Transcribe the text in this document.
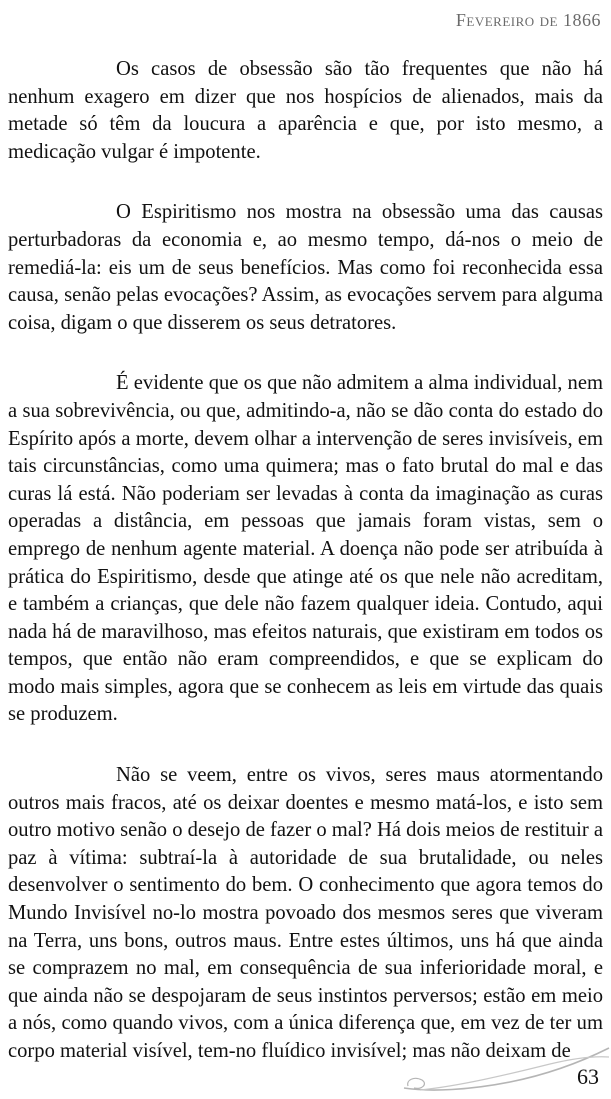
Fevereiro de 1866

Os casos de obsessão são tão frequentes que não há nenhum exagero em dizer que nos hospícios de alienados, mais da metade só têm da loucura a aparência e que, por isto mesmo, a medicação vulgar é impotente.

O Espiritismo nos mostra na obsessão uma das causas perturbadoras da economia e, ao mesmo tempo, dá-nos o meio de remediá-la: eis um de seus benefícios. Mas como foi reconhecida essa causa, senão pelas evocações? Assim, as evocações servem para alguma coisa, digam o que disserem os seus detratores.

É evidente que os que não admitem a alma individual, nem a sua sobrevivência, ou que, admitindo-a, não se dão conta do estado do Espírito após a morte, devem olhar a intervenção de seres invisíveis, em tais circunstâncias, como uma quimera; mas o fato brutal do mal e das curas lá está. Não poderiam ser levadas à conta da imaginação as curas operadas a distância, em pessoas que jamais foram vistas, sem o emprego de nenhum agente material. A doença não pode ser atribuída à prática do Espiritismo, desde que atinge até os que nele não acreditam, e também a crianças, que dele não fazem qualquer ideia. Contudo, aqui nada há de maravilhoso, mas efeitos naturais, que existiram em todos os tempos, que então não eram compreendidos, e que se explicam do modo mais simples, agora que se conhecem as leis em virtude das quais se produzem.

Não se veem, entre os vivos, seres maus atormentando outros mais fracos, até os deixar doentes e mesmo matá-los, e isto sem outro motivo senão o desejo de fazer o mal? Há dois meios de restituir a paz à vítima: subtraí-la à autoridade de sua brutalidade, ou neles desenvolver o sentimento do bem. O conhecimento que agora temos do Mundo Invisível no-lo mostra povoado dos mesmos seres que viveram na Terra, uns bons, outros maus. Entre estes últimos, uns há que ainda se comprazem no mal, em consequência de sua inferioridade moral, e que ainda não se despojaram de seus instintos perversos; estão em meio a nós, como quando vivos, com a única diferença que, em vez de ter um corpo material visível, tem-no fluídico invisível; mas não deixam de

63
